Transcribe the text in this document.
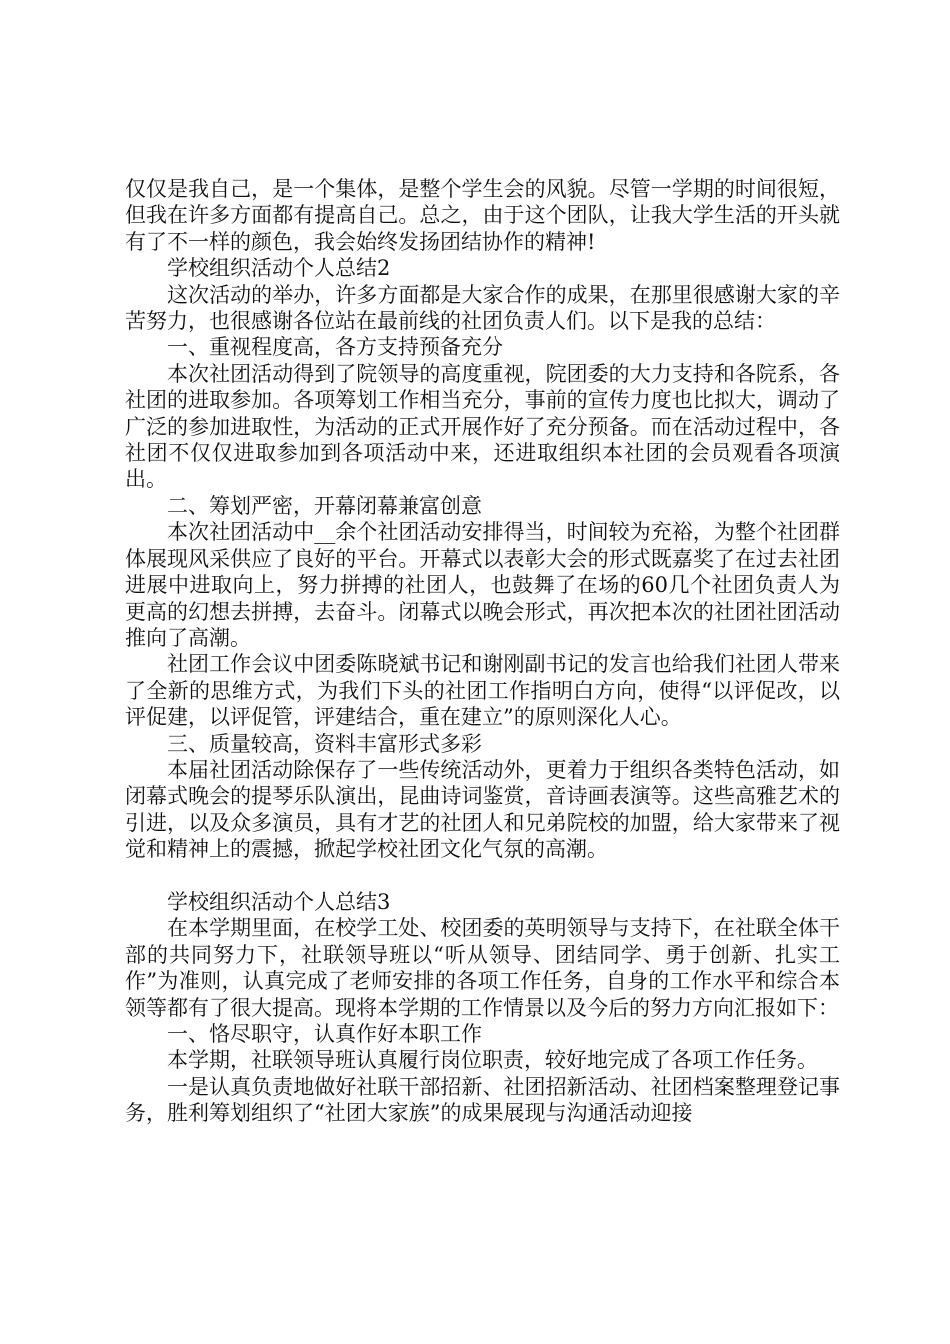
仅仅是我自己，是一个集体，是整个学生会的风貌。尽管一学期的时间很短，但我在许多方面都有提高自己。总之，由于这个团队，让我大学生活的开头就有了不一样的颜色，我会始终发扬团结协作的精神!

学校组织活动个人总结2

这次活动的举办，许多方面都是大家合作的成果，在那里很感谢大家的辛苦努力，也很感谢各位站在最前线的社团负责人们。以下是我的总结：

一、重视程度高，各方支持预备充分

本次社团活动得到了院领导的高度重视，院团委的大力支持和各院系，各社团的进取参加。各项筹划工作相当充分，事前的宣传力度也比拟大，调动了广泛的参加进取性，为活动的正式开展作好了充分预备。而在活动过程中，各社团不仅仅进取参加到各项活动中来，还进取组织本社团的会员观看各项演出。

二、筹划严密，开幕闭幕兼富创意

本次社团活动中__余个社团活动安排得当，时间较为充裕，为整个社团群体展现风采供应了良好的平台。开幕式以表彰大会的形式既嘉奖了在过去社团进展中进取向上，努力拼搏的社团人，也鼓舞了在场的60几个社团负责人为更高的幻想去拼搏，去奋斗。闭幕式以晚会形式，再次把本次的社团社团活动推向了高潮。

社团工作会议中团委陈晓斌书记和谢刚副书记的发言也给我们社团人带来了全新的思维方式，为我们下头的社团工作指明白方向，使得“以评促改，以评促建，以评促管，评建结合，重在建立”的原则深化人心。

三、质量较高，资料丰富形式多彩

本届社团活动除保存了一些传统活动外，更着力于组织各类特色活动，如闭幕式晚会的提琴乐队演出，昆曲诗词鉴赏，音诗画表演等。这些高雅艺术的引进，以及众多演员，具有才艺的社团人和兄弟院校的加盟，给大家带来了视觉和精神上的震撼，掀起学校社团文化气氛的高潮。

学校组织活动个人总结3

在本学期里面，在校学工处、校团委的英明领导与支持下，在社联全体干部的共同努力下，社联领导班以“听从领导、团结同学、勇于创新、扎实工作”为准则，认真完成了老师安排的各项工作任务，自身的工作水平和综合本领等都有了很大提高。现将本学期的工作情景以及今后的努力方向汇报如下：

一、恪尽职守，认真作好本职工作

本学期，社联领导班认真履行岗位职责，较好地完成了各项工作任务。

一是认真负责地做好社联干部招新、社团招新活动、社团档案整理登记事务，胜利筹划组织了“社团大家族”的成果展现与沟通活动迎接
